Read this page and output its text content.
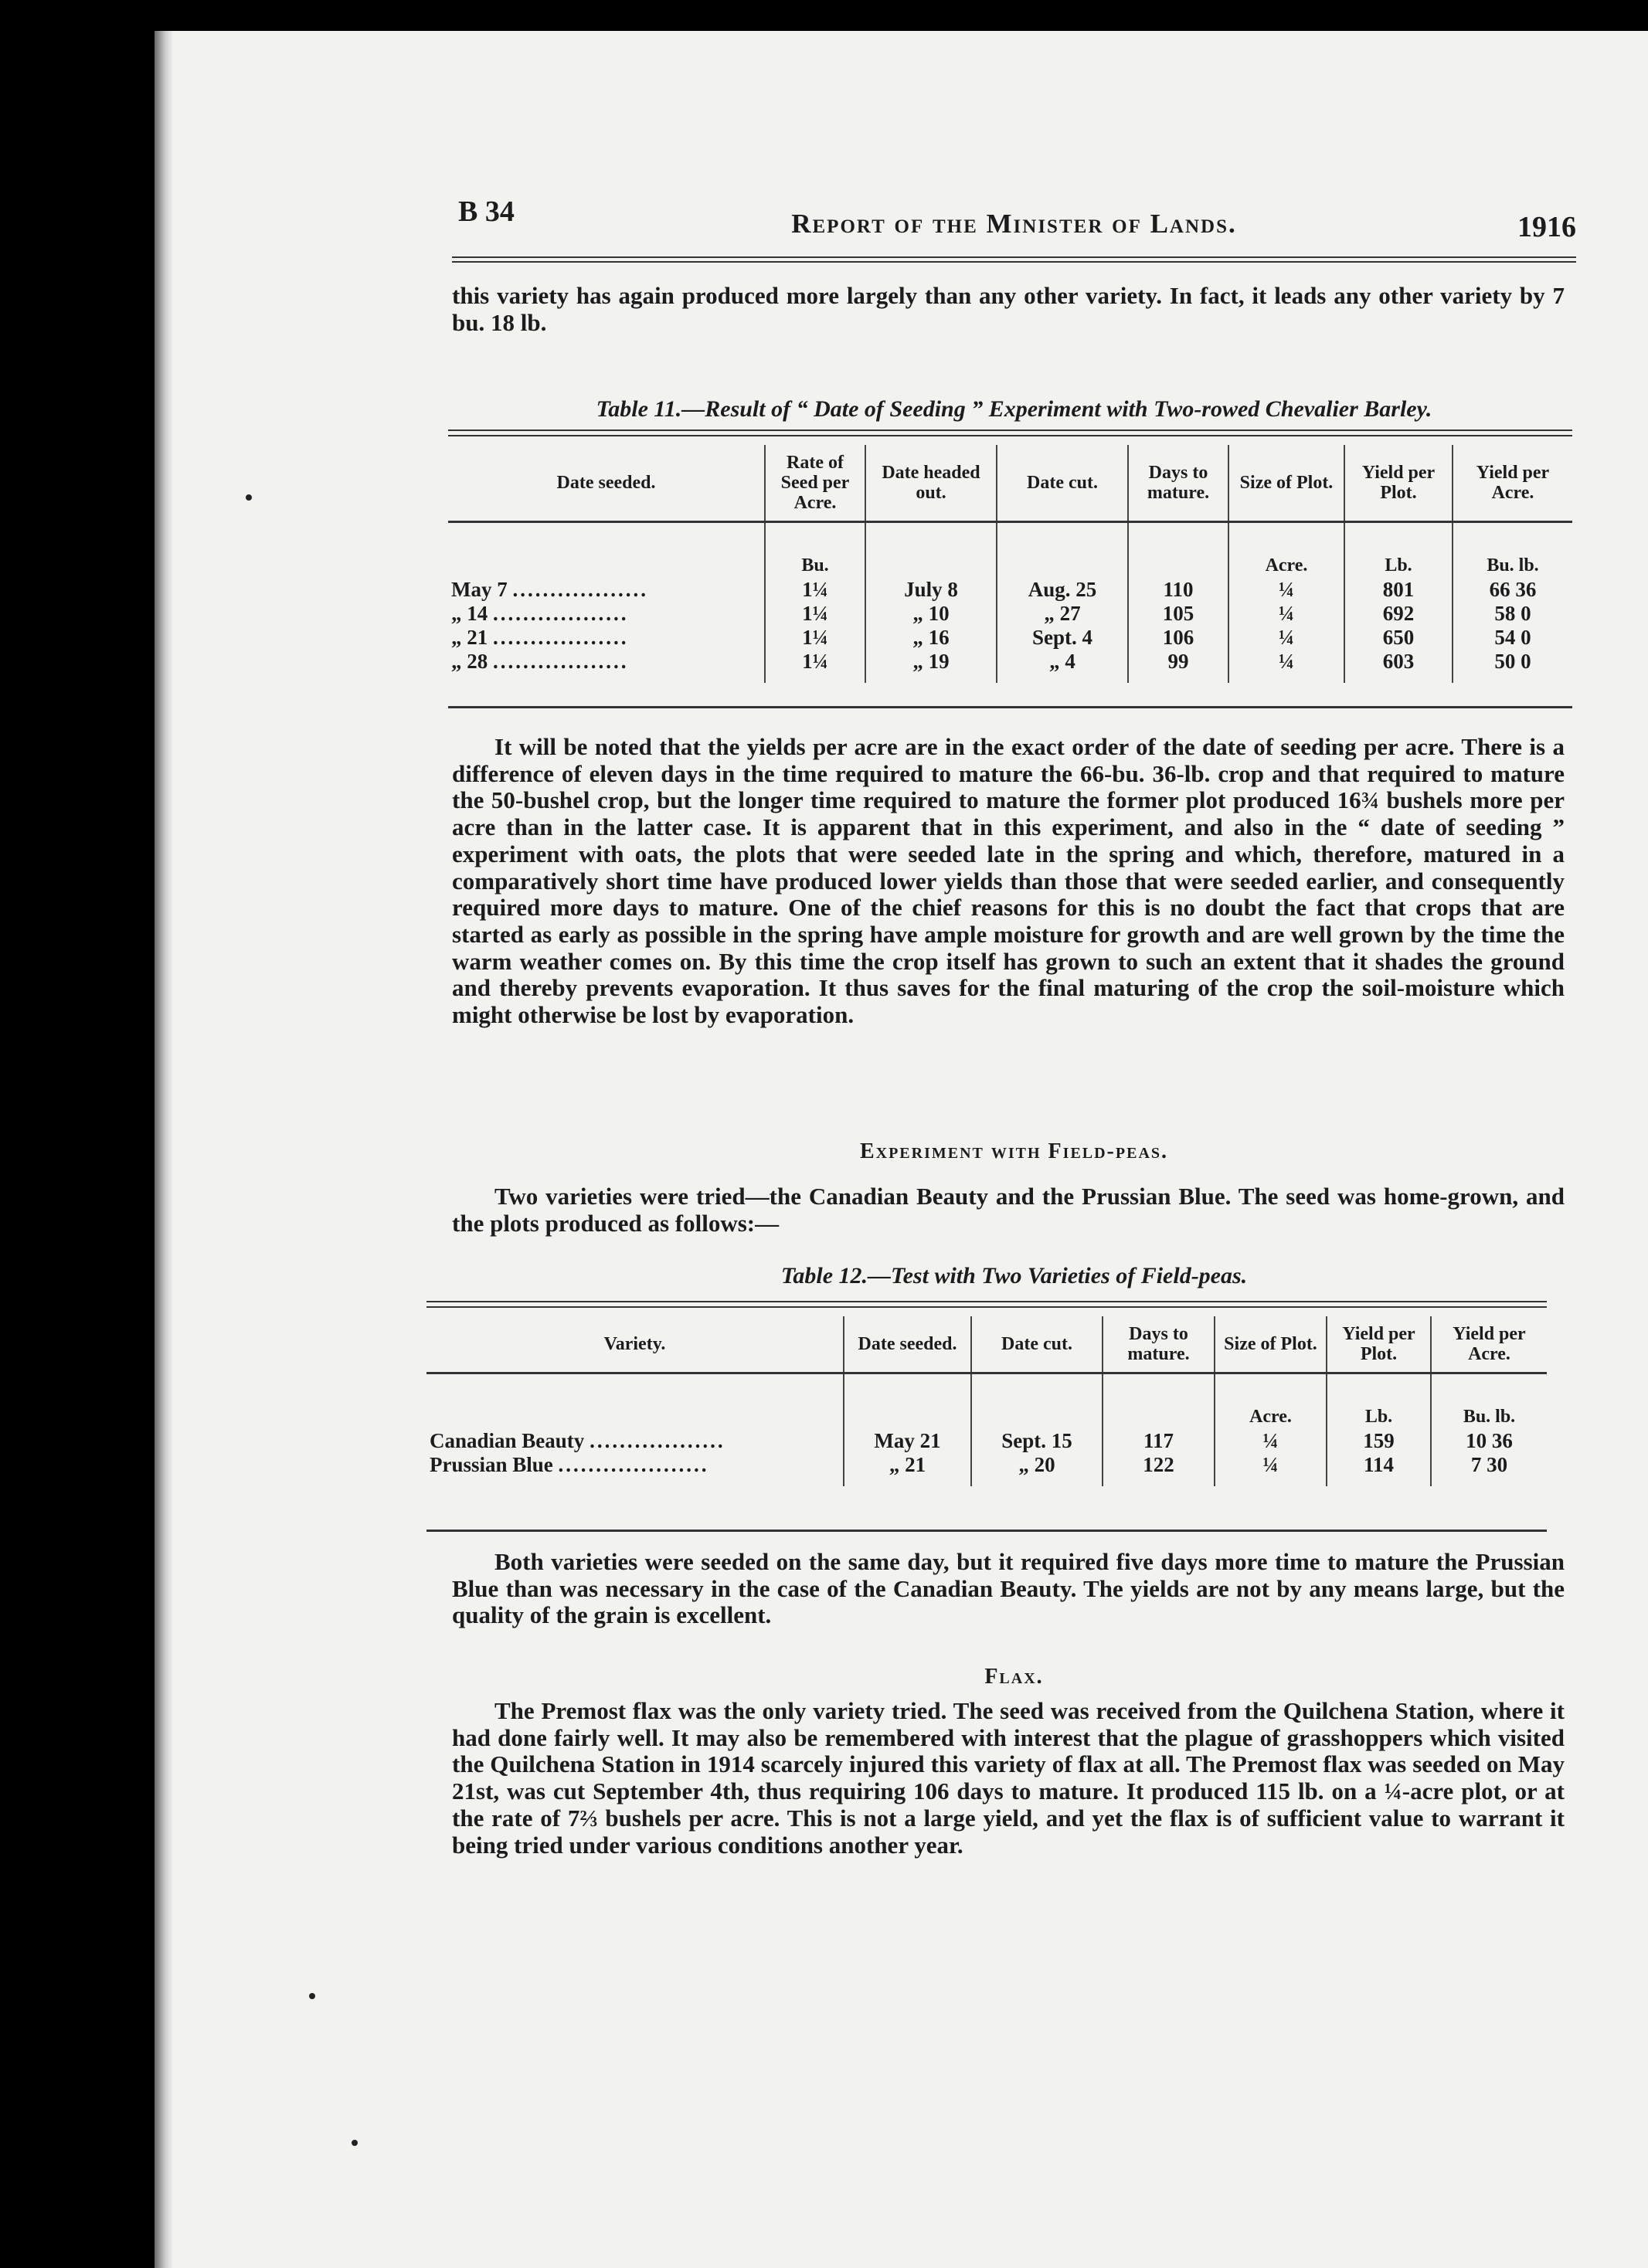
B 34	Report of the Minister of Lands.	1916

this variety has again produced more largely than any other variety. In fact, it leads any other variety by 7 bu. 18 lb.

Table 11.—Result of “ Date of Seeding ” Experiment with Two-rowed Chevalier Barley.
Date seeded.	Rate of Seed per Acre.	Date headed out.	Date cut.	Days to mature.	Size of Plot.	Yield per Plot.	Yield per Acre.
	Bu.				Acre.	Lb.	Bu. lb.
May 7 ..................	1¼	July 8	Aug. 25	110	¼	801	66 36
„ 14 ..................	1¼	„ 10	„ 27	105	¼	692	58 0
„ 21 ..................	1¼	„ 16	Sept. 4	106	¼	650	54 0
„ 28 ..................	1¼	„ 19	„ 4	99	¼	603	50 0

It will be noted that the yields per acre are in the exact order of the date of seeding per acre. There is a difference of eleven days in the time required to mature the 66-bu. 36-lb. crop and that required to mature the 50-bushel crop, but the longer time required to mature the former plot produced 16¾ bushels more per acre than in the latter case. It is apparent that in this experiment, and also in the “ date of seeding ” experiment with oats, the plots that were seeded late in the spring and which, therefore, matured in a comparatively short time have produced lower yields than those that were seeded earlier, and consequently required more days to mature. One of the chief reasons for this is no doubt the fact that crops that are started as early as possible in the spring have ample moisture for growth and are well grown by the time the warm weather comes on. By this time the crop itself has grown to such an extent that it shades the ground and thereby prevents evaporation. It thus saves for the final maturing of the crop the soil-moisture which might otherwise be lost by evaporation.

Experiment with Field-peas.

Two varieties were tried—the Canadian Beauty and the Prussian Blue. The seed was home-grown, and the plots produced as follows:—

Table 12.—Test with Two Varieties of Field-peas.
Variety.	Date seeded.	Date cut.	Days to mature.	Size of Plot.	Yield per Plot.	Yield per Acre.
				Acre.	Lb.	Bu. lb.
Canadian Beauty ..................	May 21	Sept. 15	117	¼	159	10 36
Prussian Blue ....................	„ 21	„ 20	122	¼	114	7 30

Both varieties were seeded on the same day, but it required five days more time to mature the Prussian Blue than was necessary in the case of the Canadian Beauty. The yields are not by any means large, but the quality of the grain is excellent.

Flax.

The Premost flax was the only variety tried. The seed was received from the Quilchena Station, where it had done fairly well. It may also be remembered with interest that the plague of grasshoppers which visited the Quilchena Station in 1914 scarcely injured this variety of flax at all. The Premost flax was seeded on May 21st, was cut September 4th, thus requiring 106 days to mature. It produced 115 lb. on a ¼-acre plot, or at the rate of 7⅔ bushels per acre. This is not a large yield, and yet the flax is of sufficient value to warrant it being tried under various conditions another year.
